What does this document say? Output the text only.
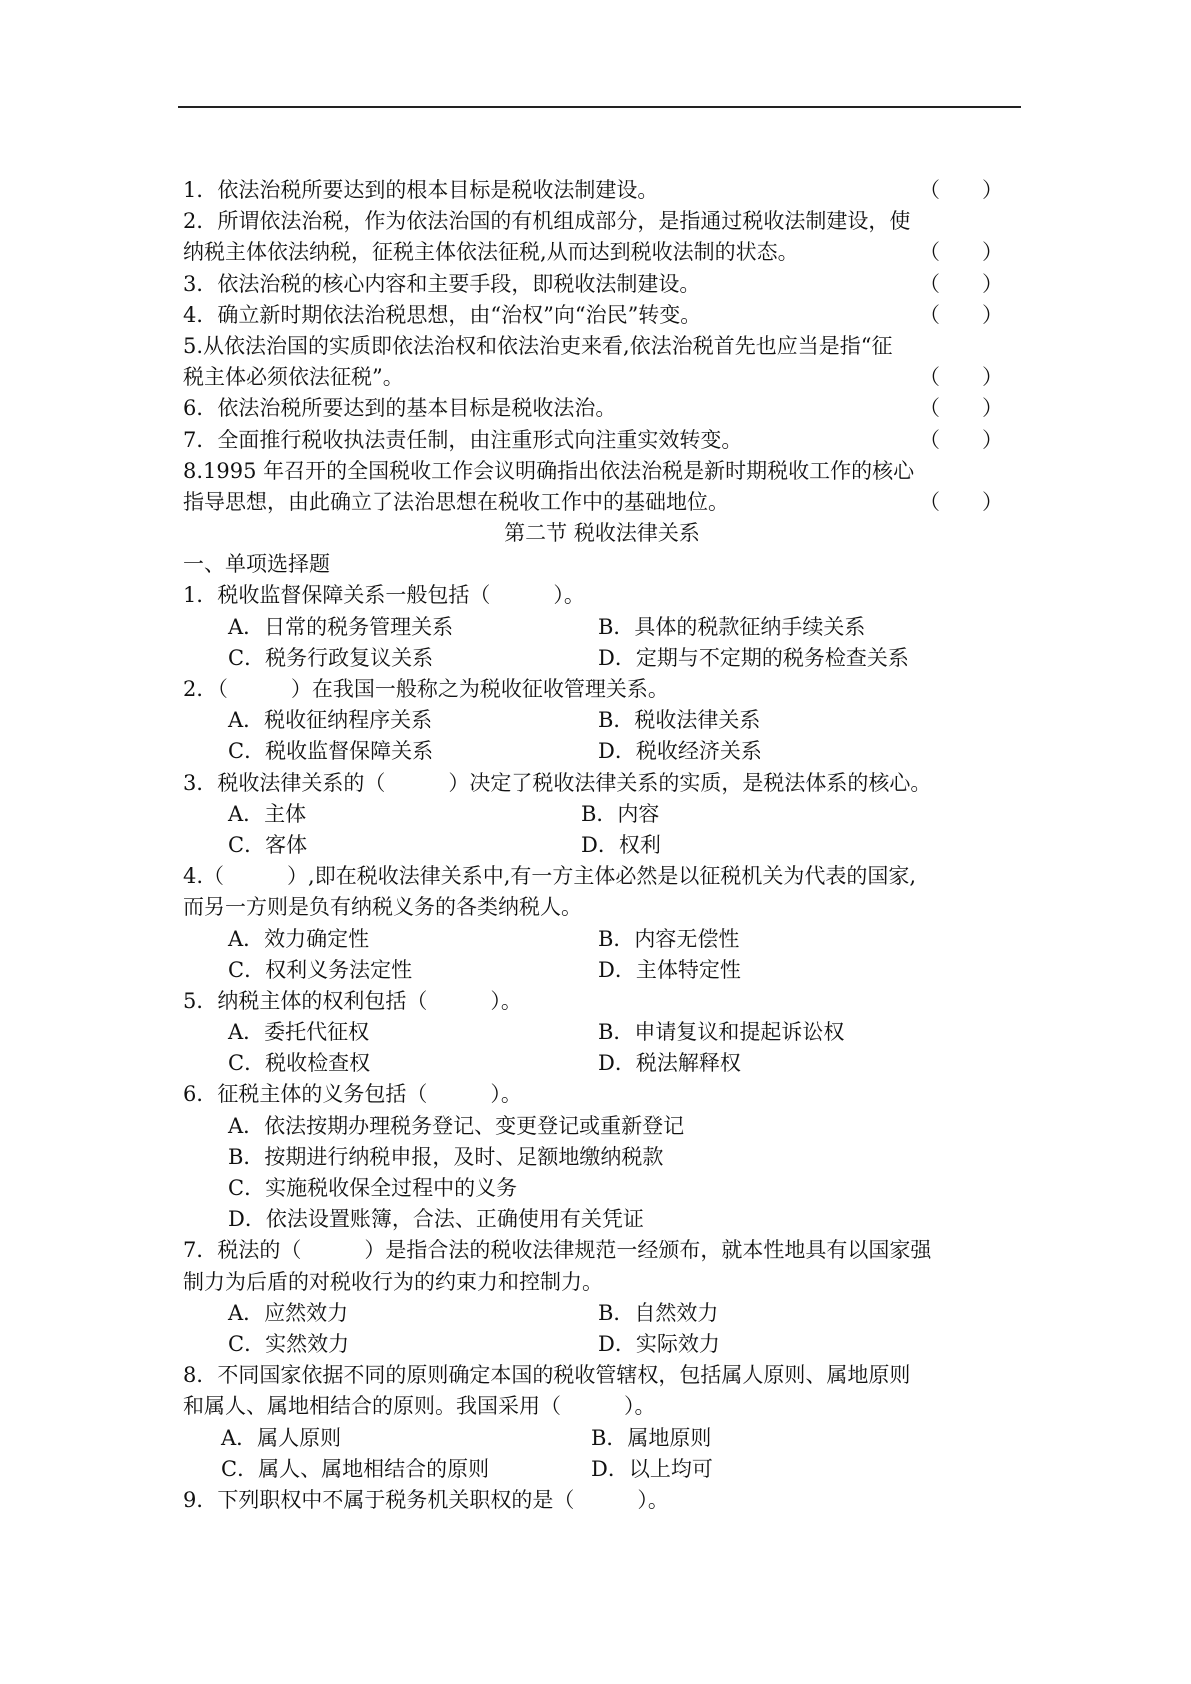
1．依法治税所要达到的根本目标是税收法制建设。	（　　）
2．所谓依法治税，作为依法治国的有机组成部分，是指通过税收法制建设，使
纳税主体依法纳税，征税主体依法征税,从而达到税收法制的状态。	（　　）
3．依法治税的核心内容和主要手段，即税收法制建设。	（　　）
4．确立新时期依法治税思想，由“治权”向“治民”转变。	（　　）
5.从依法治国的实质即依法治权和依法治吏来看,依法治税首先也应当是指“征
税主体必须依法征税”。	（　　）
6．依法治税所要达到的基本目标是税收法治。	（　　）
7．全面推行税收执法责任制，由注重形式向注重实效转变。	（　　）
8.1995 年召开的全国税收工作会议明确指出依法治税是新时期税收工作的核心
指导思想，由此确立了法治思想在税收工作中的基础地位。	（　　）
第二节 税收法律关系
一、单项选择题
1．税收监督保障关系一般包括（　　　）。
A．日常的税务管理关系	B．具体的税款征纳手续关系
C．税务行政复议关系	D．定期与不定期的税务检查关系
2．（　　　）在我国一般称之为税收征收管理关系。
A．税收征纳程序关系	B．税收法律关系
C．税收监督保障关系	D．税收经济关系
3．税收法律关系的（　　　）决定了税收法律关系的实质，是税法体系的核心。
A．主体	B．内容
C．客体	D．权利
4.（　　　）,即在税收法律关系中,有一方主体必然是以征税机关为代表的国家,
而另一方则是负有纳税义务的各类纳税人。
A．效力确定性	B．内容无偿性
C．权利义务法定性	D．主体特定性
5．纳税主体的权利包括（　　　）。
A．委托代征权	B．申请复议和提起诉讼权
C．税收检查权	D．税法解释权
6．征税主体的义务包括（　　　）。
A．依法按期办理税务登记、变更登记或重新登记
B．按期进行纳税申报，及时、足额地缴纳税款
C．实施税收保全过程中的义务
D．依法设置账簿，合法、正确使用有关凭证
7．税法的（　　　）是指合法的税收法律规范一经颁布，就本性地具有以国家强
制力为后盾的对税收行为的约束力和控制力。
A．应然效力	B．自然效力
C．实然效力	D．实际效力
8．不同国家依据不同的原则确定本国的税收管辖权，包括属人原则、属地原则
和属人、属地相结合的原则。我国采用（　　　）。
A．属人原则	B．属地原则
C．属人、属地相结合的原则	D．以上均可
9．下列职权中不属于税务机关职权的是（　　　）。
